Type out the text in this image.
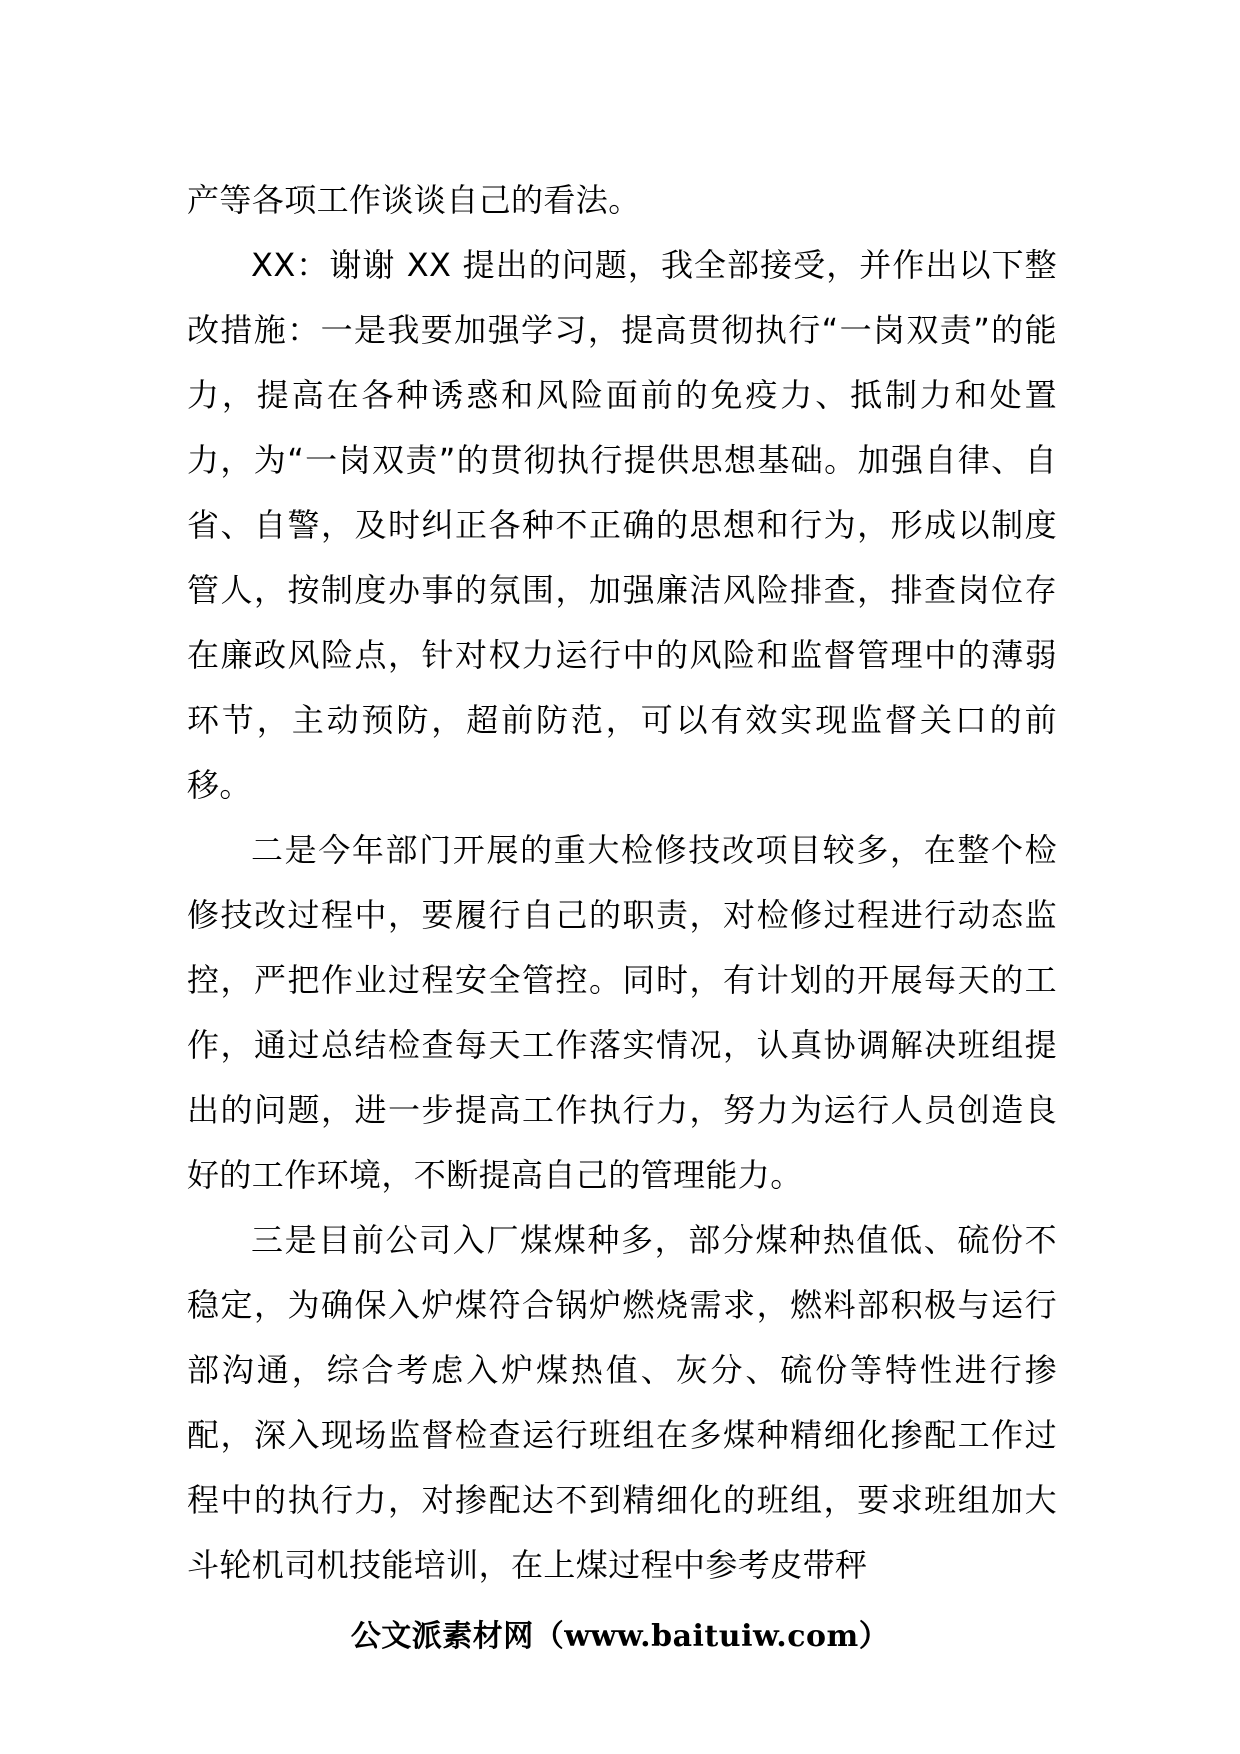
产等各项工作谈谈自己的看法。

XX：谢谢 XX 提出的问题，我全部接受，并作出以下整改措施：一是我要加强学习，提高贯彻执行“一岗双责”的能力，提高在各种诱惑和风险面前的免疫力、抵制力和处置力，为“一岗双责”的贯彻执行提供思想基础。加强自律、自省、自警，及时纠正各种不正确的思想和行为，形成以制度管人，按制度办事的氛围，加强廉洁风险排查，排查岗位存在廉政风险点，针对权力运行中的风险和监督管理中的薄弱环节，主动预防，超前防范，可以有效实现监督关口的前移。

二是今年部门开展的重大检修技改项目较多，在整个检修技改过程中，要履行自己的职责，对检修过程进行动态监控，严把作业过程安全管控。同时，有计划的开展每天的工作，通过总结检查每天工作落实情况，认真协调解决班组提出的问题，进一步提高工作执行力，努力为运行人员创造良好的工作环境，不断提高自己的管理能力。

三是目前公司入厂煤煤种多，部分煤种热值低、硫份不稳定，为确保入炉煤符合锅炉燃烧需求，燃料部积极与运行部沟通，综合考虑入炉煤热值、灰分、硫份等特性进行掺配，深入现场监督检查运行班组在多煤种精细化掺配工作过程中的执行力，对掺配达不到精细化的班组，要求班组加大斗轮机司机技能培训，在上煤过程中参考皮带秤

公文派素材网（www.baituiw.com）
